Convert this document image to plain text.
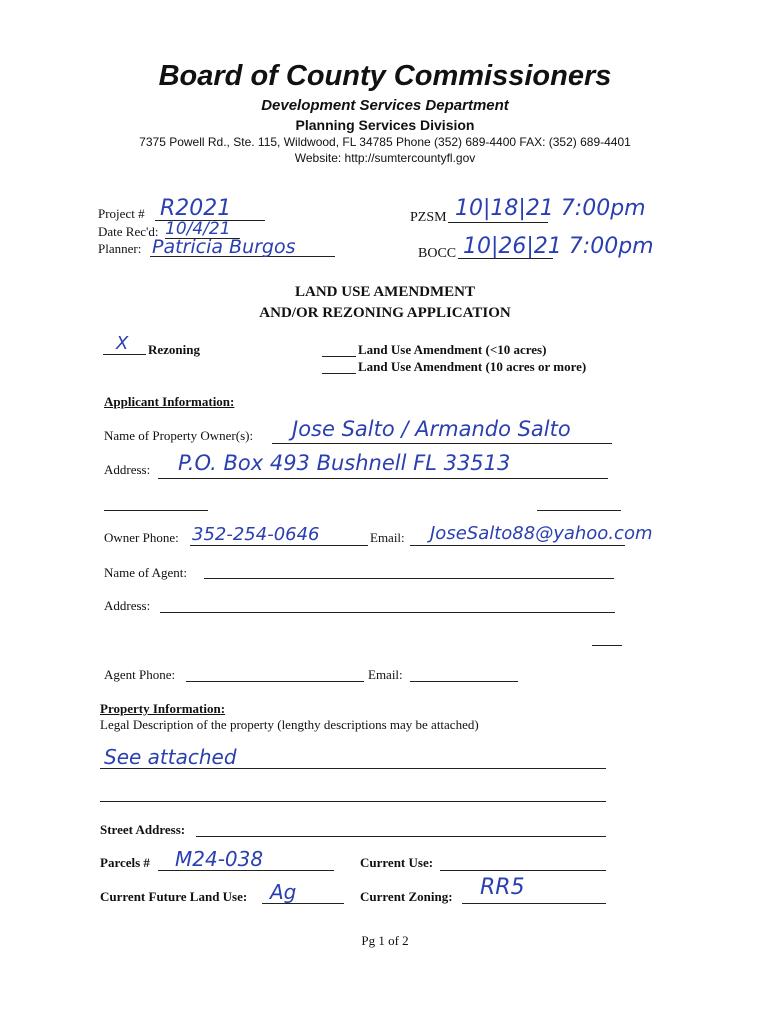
Board of County Commissioners
Development Services Department
Planning Services Division
7375 Powell Rd., Ste. 115, Wildwood, FL 34785 Phone (352) 689-4400 FAX: (352) 689-4401
Website: http://sumtercountyfl.gov
Project # R2021
Date Rec'd: 10/4/21
Planner: Patricia Burgos
PZSM 10|18|21 7:00pm
BOCC 10|26|21 7:00pm
LAND USE AMENDMENT
AND/OR REZONING APPLICATION
X Rezoning	Land Use Amendment (<10 acres)
Land Use Amendment (10 acres or more)
Applicant Information:
Name of Property Owner(s): Jose Salto / Armando Salto
Address: P.O. Box 493 Bushnell FL 33513
Owner Phone: 352-254-0646	Email: JoseSalto88@yahoo.com
Name of Agent:
Address:
Agent Phone:	Email:
Property Information:
Legal Description of the property (lengthy descriptions may be attached)
See attached
Street Address:
Parcels # M24-038	Current Use:
Current Future Land Use: Ag	Current Zoning: RR5
Pg 1 of 2
